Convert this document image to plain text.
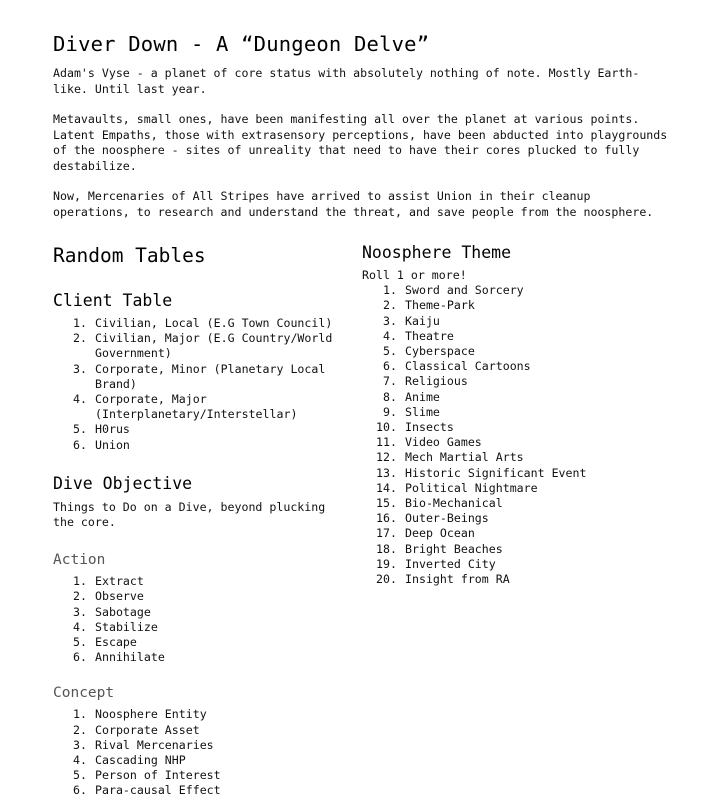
Diver Down - A “Dungeon Delve”

Adam's Vyse - a planet of core status with absolutely nothing of note. Mostly Earth-like. Until last year.

Metavaults, small ones, have been manifesting all over the planet at various points. Latent Empaths, those with extrasensory perceptions, have been abducted into playgrounds of the noosphere - sites of unreality that need to have their cores plucked to fully destabilize.

Now, Mercenaries of All Stripes have arrived to assist Union in their cleanup operations, to research and understand the threat, and save people from the noosphere.

Random Tables
Client Table
1. Civilian, Local (E.G Town Council)
2. Civilian, Major (E.G Country/World Government)
3. Corporate, Minor (Planetary Local Brand)
4. Corporate, Major (Interplanetary/Interstellar)
5. H0rus
6. Union
Dive Objective

Things to Do on a Dive, beyond plucking the core.

Action
1. Extract
2. Observe
3. Sabotage
4. Stabilize
5. Escape
6. Annihilate
Concept
1. Noosphere Entity
2. Corporate Asset
3. Rival Mercenaries
4. Cascading NHP
5. Person of Interest
6. Para-causal Effect
Noosphere Theme

Roll 1 or more!

1. Sword and Sorcery
2. Theme-Park
3. Kaiju
4. Theatre
5. Cyberspace
6. Classical Cartoons
7. Religious
8. Anime
9. Slime
10. Insects
11. Video Games
12. Mech Martial Arts
13. Historic Significant Event
14. Political Nightmare
15. Bio-Mechanical
16. Outer-Beings
17. Deep Ocean
18. Bright Beaches
19. Inverted City
20. Insight from RA
